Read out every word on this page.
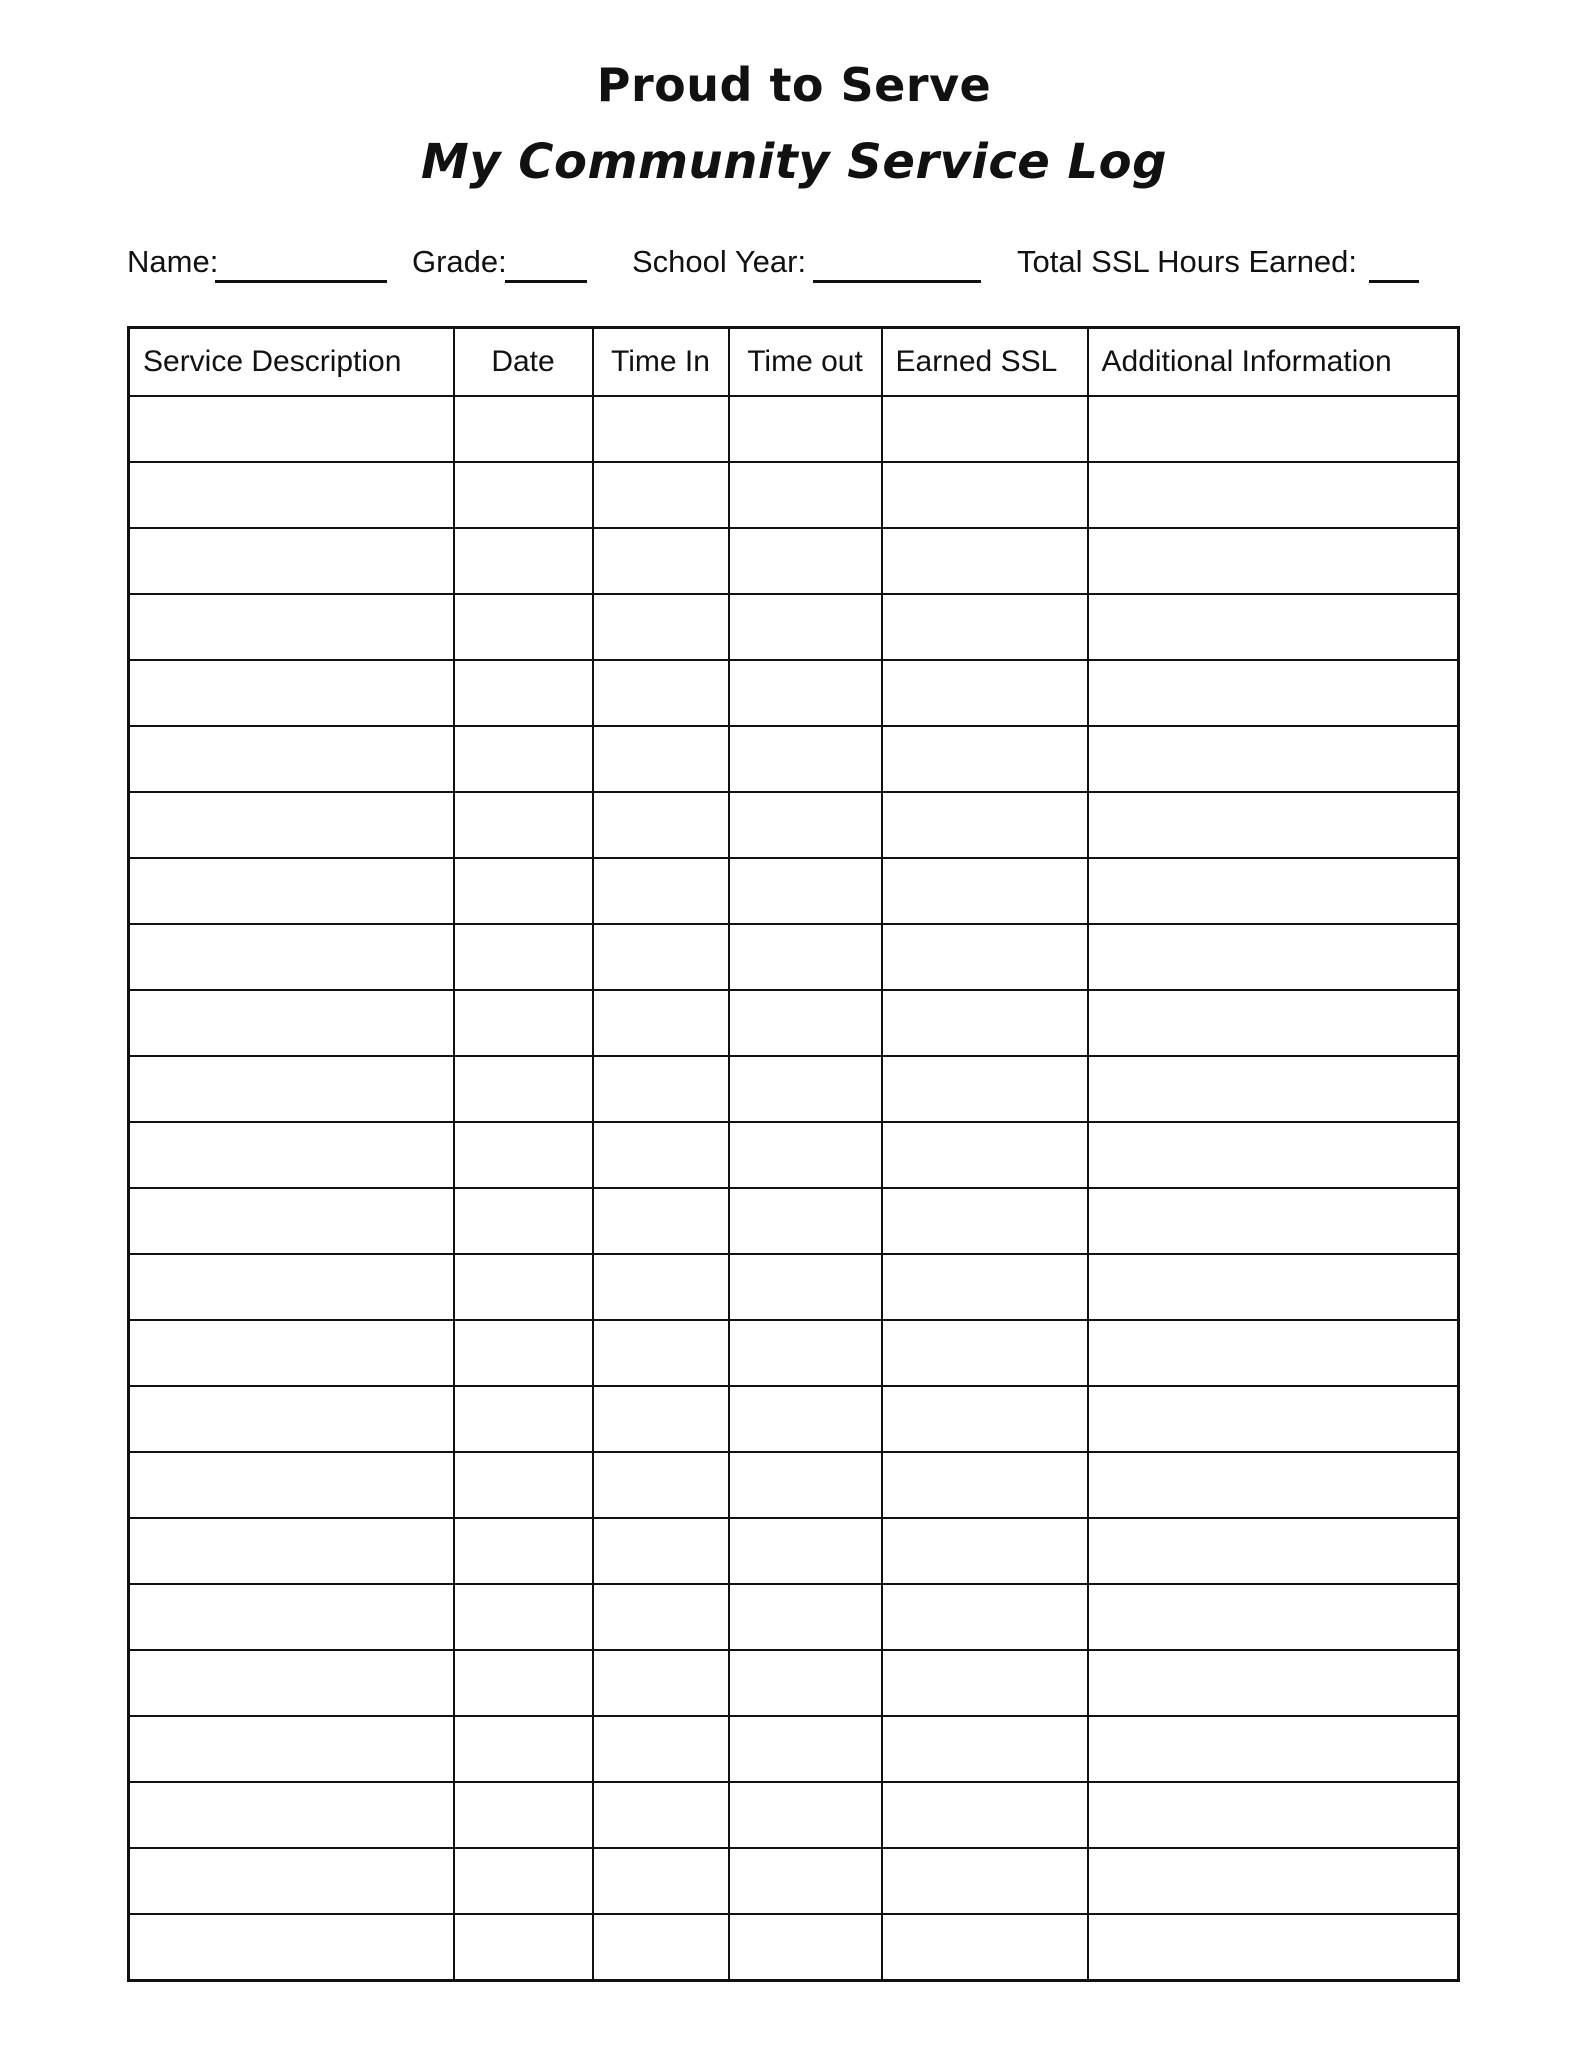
Proud to Serve
My Community Service Log
Name:	Grade:	School Year:	Total SSL Hours Earned:
Service Description	Date	Time In	Time out	Earned SSL	Additional Information
